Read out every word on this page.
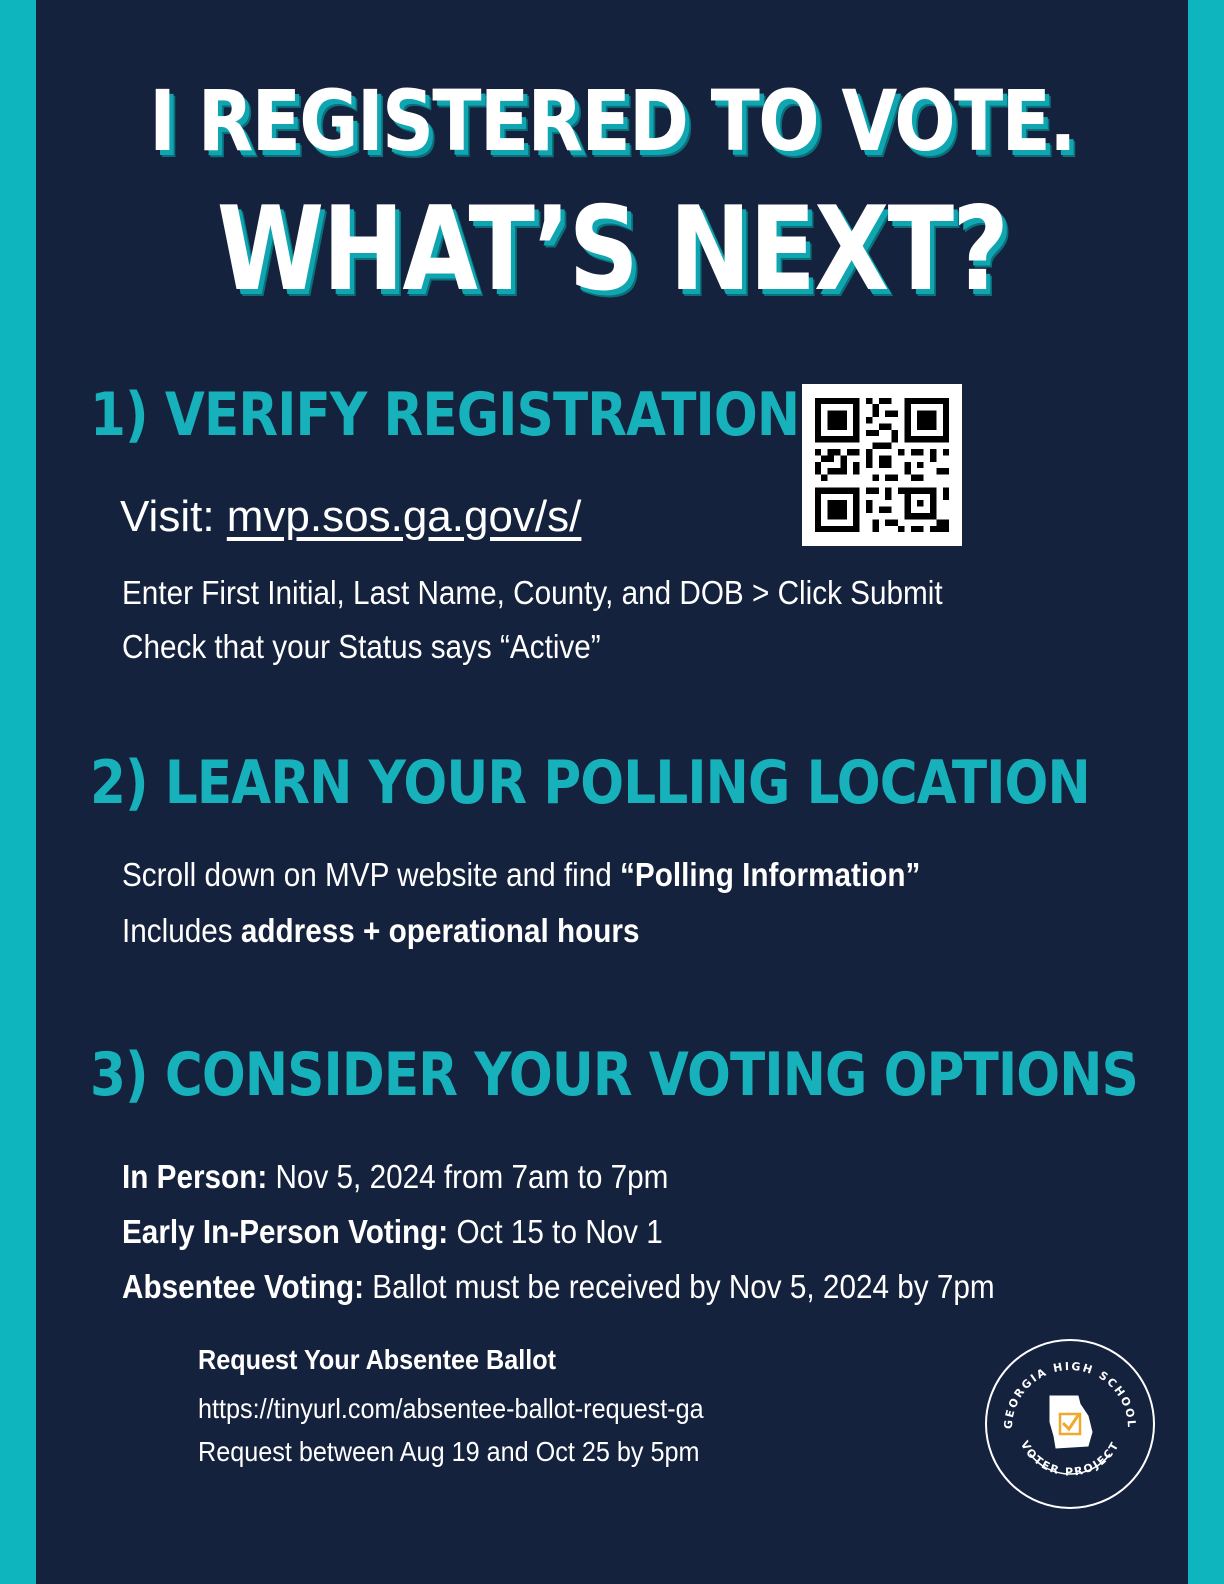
I REGISTERED TO VOTE.
WHAT’S NEXT?
1) VERIFY REGISTRATION
Visit: mvp.sos.ga.gov/s/
Enter First Initial, Last Name, County, and DOB > Click Submit
Check that your Status says “Active”
2) LEARN YOUR POLLING LOCATION
Scroll down on MVP website and find “Polling Information”
Includes address + operational hours
3) CONSIDER YOUR VOTING OPTIONS
In Person: Nov 5, 2024 from 7am to 7pm
Early In-Person Voting: Oct 15 to Nov 1
Absentee Voting: Ballot must be received by Nov 5, 2024 by 7pm
Request Your Absentee Ballot
https://tinyurl.com/absentee-ballot-request-ga
Request between Aug 19 and Oct 25 by 5pm
GEORGIA HIGH SCHOOL
VOTER PROJECT
